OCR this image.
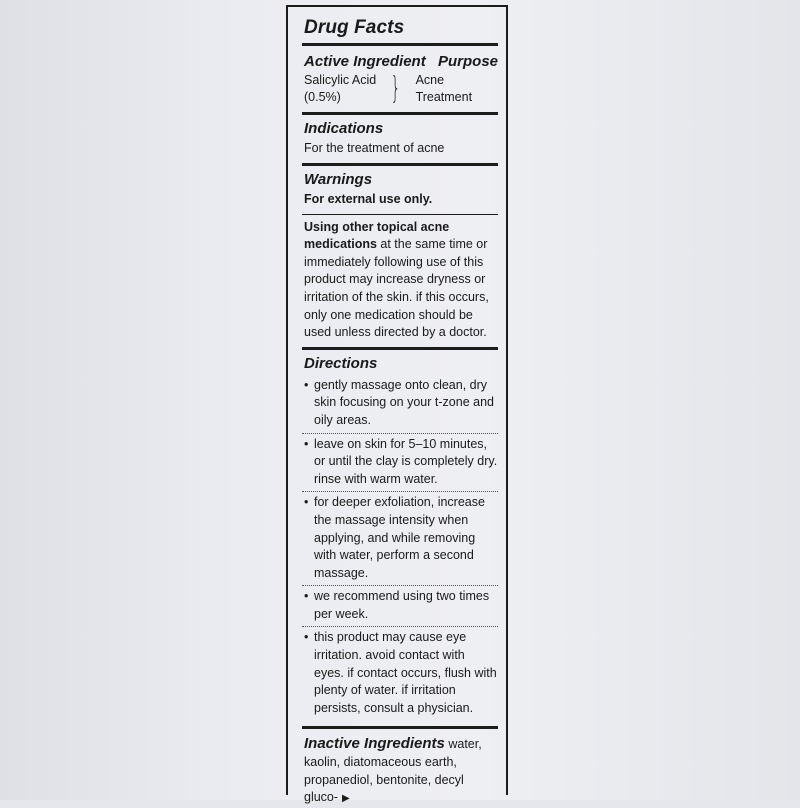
Drug Facts
Active Ingredient Purpose
Salicylic Acid
(0.5%)	} Acne Treatment
Indications
For the treatment of acne
Warnings
For external use only.
Using other topical acne medications at the same time or immediately following use of this product may increase dryness or irritation of the skin. if this occurs, only one medication should be used unless directed by a doctor.
Directions
• gently massage onto clean, dry skin focusing on your t-zone and oily areas.
• leave on skin for 5–10 minutes, or until the clay is completely dry. rinse with warm water.
• for deeper exfoliation, increase the massage intensity when applying, and while removing with water, perform a second massage.
• we recommend using two times per week.
• this product may cause eye irritation. avoid contact with eyes. if contact occurs, flush with plenty of water. if irritation persists, consult a physician.
Inactive Ingredients water, kaolin, diatomaceous earth, propanediol, bentonite, decyl gluco- ▶
